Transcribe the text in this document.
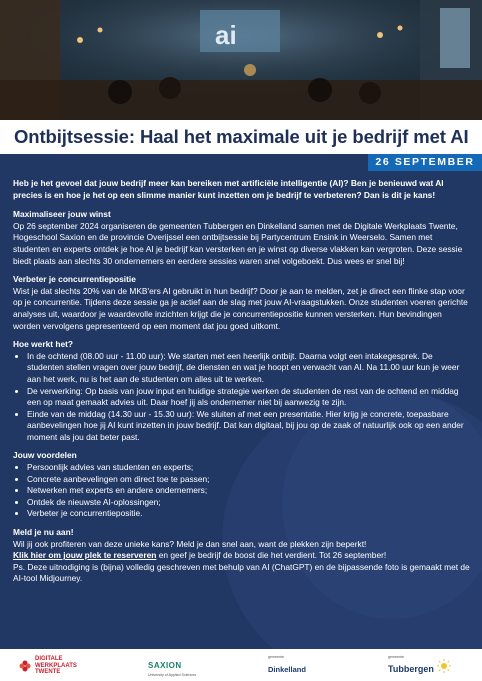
ai
Ontbijtsessie: Haal het maximale uit je bedrijf met AI

Heb je het gevoel dat jouw bedrijf meer kan bereiken met artificiële intelligentie (AI)? Ben je benieuwd wat AI precies is en hoe je het op een slimme manier kunt inzetten om je bedrijf te verbeteren? Dan is dit je kans!

Maximaliseer jouw winst

Op 26 september 2024 organiseren de gemeenten Tubbergen en Dinkelland samen met de Digitale Werkplaats Twente, Hogeschool Saxion en de provincie Overijssel een ontbijtsessie bij Partycentrum Ensink in Weerselo. Samen met studenten en experts ontdek je hoe AI je bedrijf kan versterken en je winst op diverse vlakken kan vergroten. Deze sessie biedt plaats aan slechts 30 ondernemers en eerdere sessies waren snel volgeboekt. Dus wees er snel bij!

Verbeter je concurrentiepositie

Wist je dat slechts 20% van de MKB'ers AI gebruikt in hun bedrijf? Door je aan te melden, zet je direct een flinke stap voor op je concurrentie. Tijdens deze sessie ga je actief aan de slag met jouw AI-vraagstukken. Onze studenten voeren gerichte analyses uit, waardoor je waardevolle inzichten krijgt die je concurrentiepositie kunnen versterken. Hun bevindingen worden vervolgens gepresenteerd op een moment dat jou goed uitkomt.

Hoe werkt het?

• In de ochtend (08.00 uur - 11.00 uur): We starten met een heerlijk ontbijt. Daarna volgt een intakegesprek. De studenten stellen vragen over jouw bedrijf, de diensten en wat je hoopt en verwacht van AI. Na 11.00 uur kun je weer aan het werk, nu is het aan de studenten om alles uit te werken.
• De verwerking: Op basis van jouw input en huidige strategie werken de studenten de rest van de ochtend en middag een op maat gemaakt advies uit. Daar hoef jij als ondernemer niet bij aanwezig te zijn.
• Einde van de middag (14.30 uur - 15.30 uur): We sluiten af met een presentatie. Hier krijg je concrete, toepasbare aanbevelingen hoe jij AI kunt inzetten in jouw bedrijf. Dat kan digitaal, bij jou op de zaak of natuurlijk ook op een ander moment als jou dat beter past.

Jouw voordelen

• Persoonlijk advies van studenten en experts;
• Concrete aanbevelingen om direct toe te passen;
• Netwerken met experts en andere ondernemers;
• Ontdek de nieuwste AI-oplossingen;
• Verbeter je concurrentiepositie.

Meld je nu aan!

Wil jij ook profiteren van deze unieke kans? Meld je dan snel aan, want de plekken zijn beperkt!

Klik hier om jouw plek te reserveren en geef je bedrijf de boost die het verdient. Tot 26 september!

Ps. Deze uitnodiging is (bijna) volledig geschreven met behulp van AI (ChatGPT) en de bijpassende foto is gemaakt met de AI-tool Midjourney.

26 SEPTEMBER
DIGITALE
WERKPLAATS
TWENTE
SAXION
University of Applied Sciences
gemeente
Dinkelland
gemeente
Tubbergen
